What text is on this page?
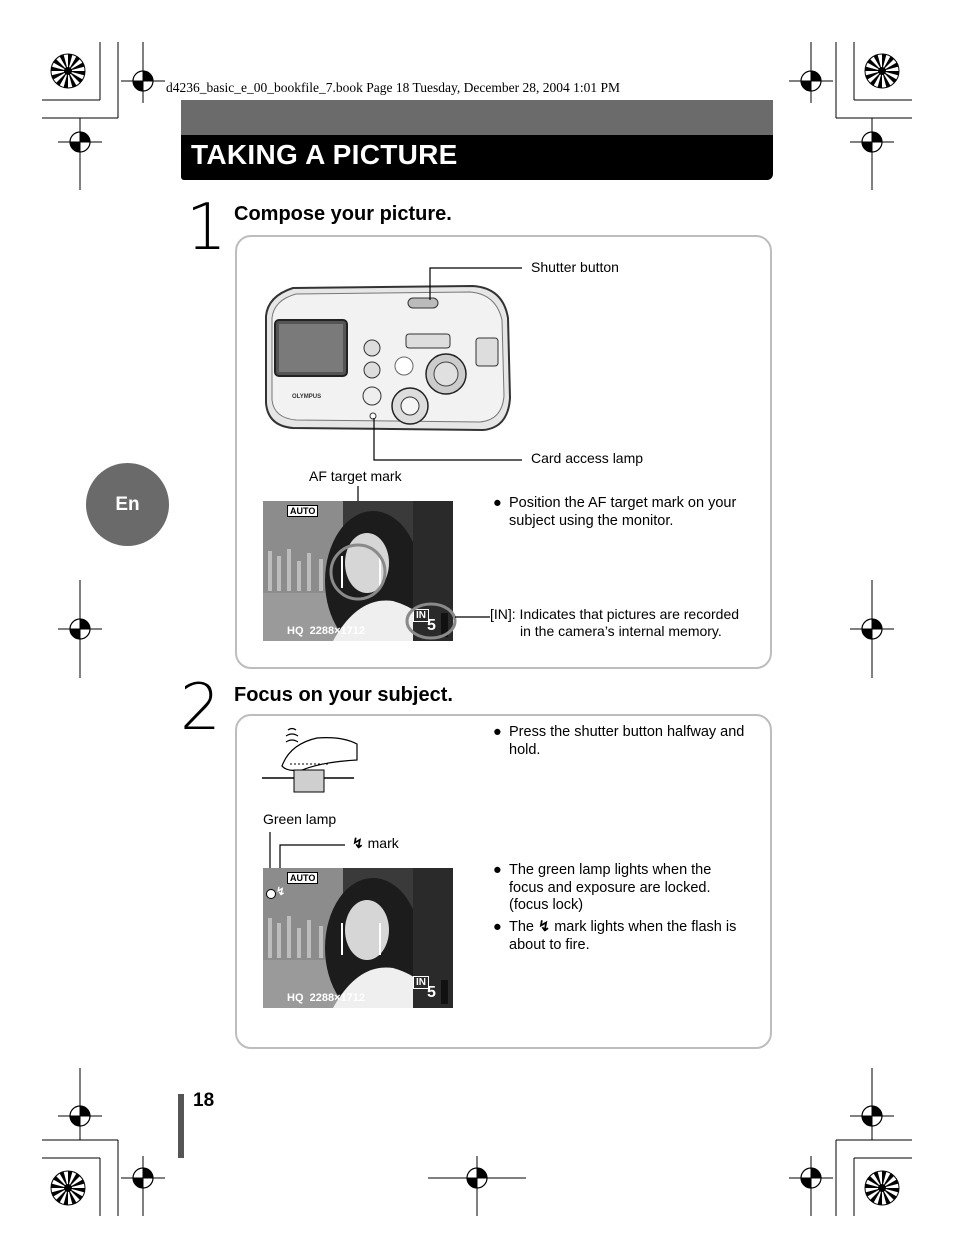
d4236_basic_e_00_bookfile_7.book Page 18 Tuesday, December 28, 2004 1:01 PM
TAKING A PICTURE
En
1 Compose your picture.
OLYMPUS
Shutter button
Card access lamp
AF target mark
AUTO
IN
HQ  2288×1712	5
● Position the AF target mark on your subject using the monitor.
[IN]: Indicates that pictures are recorded
in the camera’s internal memory.
2 Focus on your subject.
● Press the shutter button halfway and hold.
Green lamp
↯ mark
↯
AUTO
IN
HQ  2288×1712	5
● The green lamp lights when the focus and exposure are locked. (focus lock)
● The ↯ mark lights when the flash is about to fire.
18
